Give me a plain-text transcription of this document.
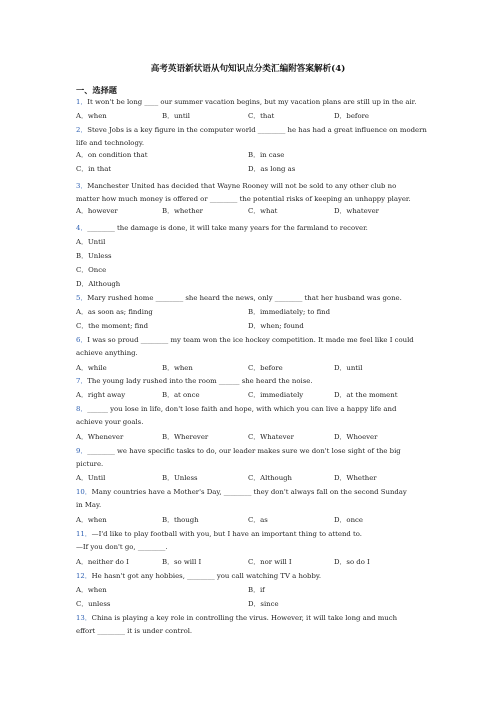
高考英语新状语从句知识点分类汇编附答案解析(4)
一、选择题
1．It won't be long ____ our summer vacation begins, but my vacation plans are still up in the air.
A．when	B．until	C．that	D．before
2．Steve Jobs is a key figure in the computer world ________ he has had a great influence on modern
life and technology.
A．on condition that	B．in case
C．in that	D．as long as
3．Manchester United has decided that Wayne Rooney will not be sold to any other club no
matter how much money is offered or ________ the potential risks of keeping an unhappy player.
A．however	B．whether	C．what	D．whatever
4．________ the damage is done, it will take many years for the farmland to recover.
A．Until
B．Unless
C．Once
D．Although
5．Mary rushed home ________ she heard the news, only ________ that her husband was gone.
A．as soon as; finding	B．immediately; to find
C．the moment; find	D．when; found
6．I was so proud ________ my team won the ice hockey competition. It made me feel like I could
achieve anything.
A．while	B．when	C．before	D．until
7．The young lady rushed into the room ______ she heard the noise.
A．right away	B．at once	C．immediately	D．at the moment
8．______ you lose in life, don't lose faith and hope, with which you can live a happy life and
achieve your goals.
A．Whenever	B．Wherever	C．Whatever	D．Whoever
9．________ we have specific tasks to do, our leader makes sure we don't lose sight of the big
picture.
A．Until	B．Unless	C．Although	D．Whether
10．Many countries have a Mother's Day, ________ they don't always fall on the second Sunday
in May.
A．when	B．though	C．as	D．once
11．—I'd like to play football with you, but I have an important thing to attend to.
—If you don't go, ________.
A．neither do I	B．so will I	C．nor will I	D．so do I
12．He hasn't got any hobbies, ________ you call watching TV a hobby.
A．when	B．if
C．unless	D．since
13．China is playing a key role in controlling the virus. However, it will take long and much
effort ________ it is under control.
